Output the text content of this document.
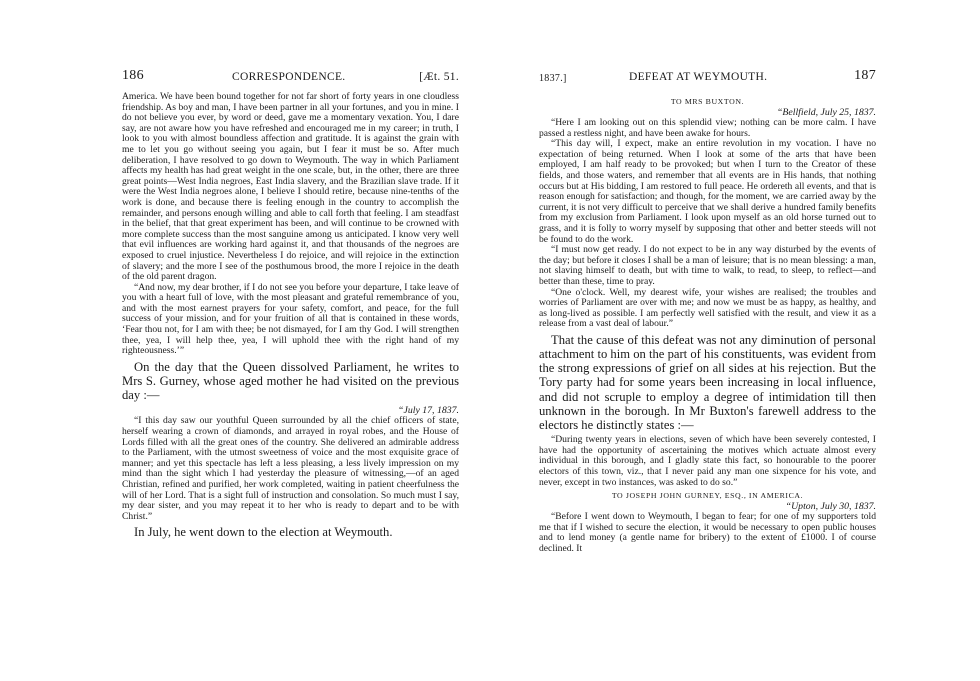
186	CORRESPONDENCE.	[Æt. 51.

America. We have been bound together for not far short of forty years in one cloudless friendship. As boy and man, I have been partner in all your fortunes, and you in mine. I do not believe you ever, by word or deed, gave me a momentary vexation. You, I dare say, are not aware how you have refreshed and encouraged me in my career; in truth, I look to you with almost boundless affection and gratitude. It is against the grain with me to let you go without seeing you again, but I fear it must be so. After much deliberation, I have resolved to go down to Weymouth. The way in which Parliament affects my health has had great weight in the one scale, but, in the other, there are three great points—West India negroes, East India slavery, and the Brazilian slave trade. If it were the West India negroes alone, I believe I should retire, because nine-tenths of the work is done, and because there is feeling enough in the country to accomplish the remainder, and persons enough willing and able to call forth that feeling. I am steadfast in the belief, that that great experiment has been, and will continue to be crowned with more complete success than the most sanguine among us anticipated. I know very well that evil influences are working hard against it, and that thousands of the negroes are exposed to cruel injustice. Nevertheless I do rejoice, and will rejoice in the extinction of slavery; and the more I see of the posthumous brood, the more I rejoice in the death of the old parent dragon.

“And now, my dear brother, if I do not see you before your departure, I take leave of you with a heart full of love, with the most pleasant and grateful remembrance of you, and with the most earnest prayers for your safety, comfort, and peace, for the full success of your mission, and for your fruition of all that is contained in these words, ‘Fear thou not, for I am with thee; be not dismayed, for I am thy God. I will strengthen thee, yea, I will help thee, yea, I will uphold thee with the right hand of my righteousness.’”

On the day that the Queen dissolved Parliament, he writes to Mrs S. Gurney, whose aged mother he had visited on the previous day :—

“July 17, 1837.

“I this day saw our youthful Queen surrounded by all the chief officers of state, herself wearing a crown of diamonds, and arrayed in royal robes, and the House of Lords filled with all the great ones of the country. She delivered an admirable address to the Parliament, with the utmost sweetness of voice and the most exquisite grace of manner; and yet this spectacle has left a less pleasing, a less lively impression on my mind than the sight which I had yesterday the pleasure of witnessing,—of an aged Christian, refined and purified, her work completed, waiting in patient cheerfulness the will of her Lord. That is a sight full of instruction and consolation. So much must I say, my dear sister, and you may repeat it to her who is ready to depart and to be with Christ.”

In July, he went down to the election at Weymouth.

1837.]	DEFEAT AT WEYMOUTH.	187

TO MRS BUXTON.

“Bellfield, July 25, 1837.

“Here I am looking out on this splendid view; nothing can be more calm. I have passed a restless night, and have been awake for hours.

“This day will, I expect, make an entire revolution in my vocation. I have no expectation of being returned. When I look at some of the arts that have been employed, I am half ready to be provoked; but when I turn to the Creator of these fields, and those waters, and remember that all events are in His hands, that nothing occurs but at His bidding, I am restored to full peace. He ordereth all events, and that is reason enough for satisfaction; and though, for the moment, we are carried away by the current, it is not very difficult to perceive that we shall derive a hundred family benefits from my exclusion from Parliament. I look upon myself as an old horse turned out to grass, and it is folly to worry myself by supposing that other and better steeds will not be found to do the work.

“I must now get ready. I do not expect to be in any way disturbed by the events of the day; but before it closes I shall be a man of leisure; that is no mean blessing: a man, not slaving himself to death, but with time to walk, to read, to sleep, to reflect—and better than these, time to pray.

“One o'clock. Well, my dearest wife, your wishes are realised; the troubles and worries of Parliament are over with me; and now we must be as happy, as healthy, and as long-lived as possible. I am perfectly well satisfied with the result, and view it as a release from a vast deal of labour.”

That the cause of this defeat was not any diminution of personal attachment to him on the part of his constituents, was evident from the strong expressions of grief on all sides at his rejection. But the Tory party had for some years been increasing in local influence, and did not scruple to employ a degree of intimidation till then unknown in the borough. In Mr Buxton's farewell address to the electors he distinctly states :—

“During twenty years in elections, seven of which have been severely contested, I have had the opportunity of ascertaining the motives which actuate almost every individual in this borough, and I gladly state this fact, so honourable to the poorer electors of this town, viz., that I never paid any man one sixpence for his vote, and never, except in two instances, was asked to do so.”

TO JOSEPH JOHN GURNEY, ESQ., IN AMERICA.

“Upton, July 30, 1837.

“Before I went down to Weymouth, I began to fear; for one of my supporters told me that if I wished to secure the election, it would be necessary to open public houses and to lend money (a gentle name for bribery) to the extent of £1000. I of course declined. It
